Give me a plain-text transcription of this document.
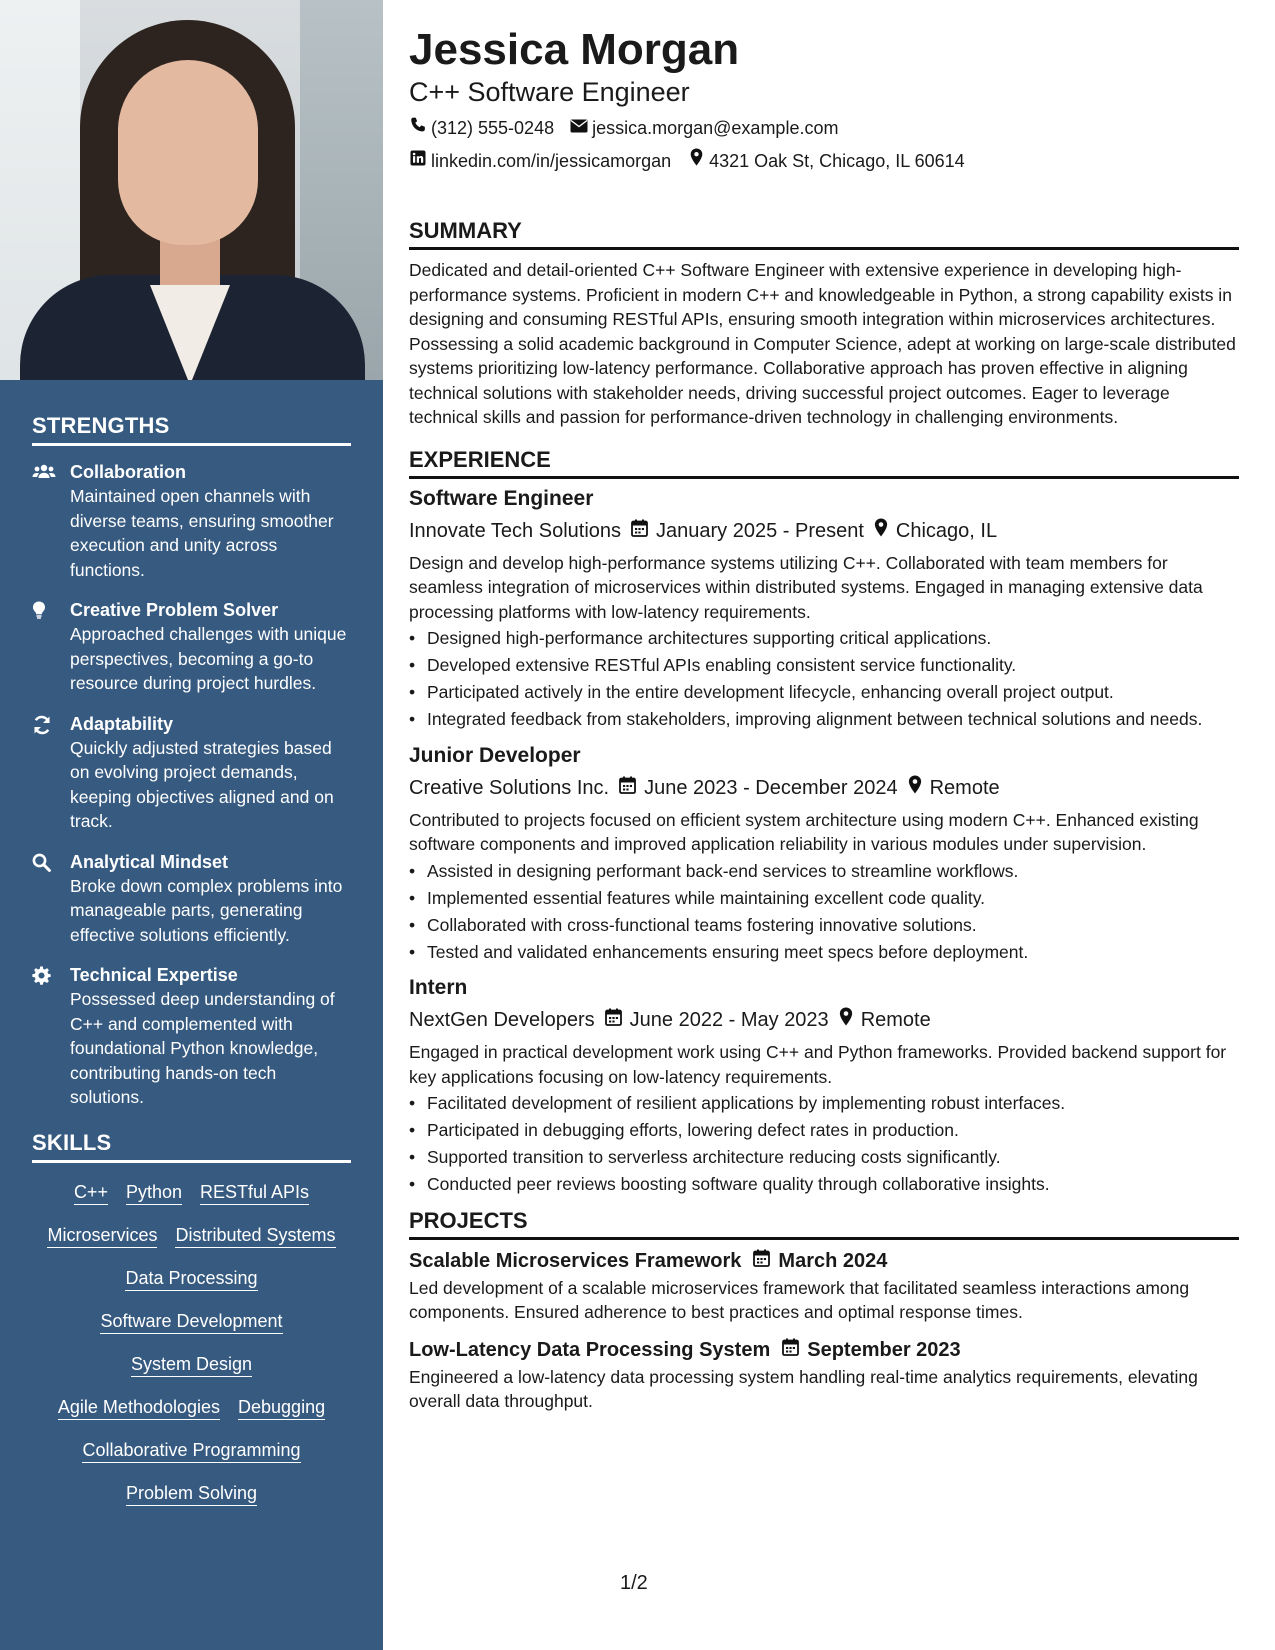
STRENGTHS
Collaboration
Maintained open channels with diverse teams, ensuring smoother execution and unity across functions.
Creative Problem Solver
Approached challenges with unique perspectives, becoming a go-to resource during project hurdles.
Adaptability
Quickly adjusted strategies based on evolving project demands, keeping objectives aligned and on track.
Analytical Mindset
Broke down complex problems into manageable parts, generating effective solutions efficiently.
Technical Expertise
Possessed deep understanding of C++ and complemented with foundational Python knowledge, contributing hands-on tech solutions.
SKILLS
C++ Python RESTful APIs
Microservices Distributed Systems
Data Processing
Software Development
System Design
Agile Methodologies Debugging
Collaborative Programming
Problem Solving
Jessica Morgan
C++ Software Engineer
(312) 555-0248 jessica.morgan@example.com
linkedin.com/in/jessicamorgan 4321 Oak St, Chicago, IL 60614
SUMMARY
Dedicated and detail-oriented C++ Software Engineer with extensive experience in developing high-performance systems. Proficient in modern C++ and knowledgeable in Python, a strong capability exists in designing and consuming RESTful APIs, ensuring smooth integration within microservices architectures. Possessing a solid academic background in Computer Science, adept at working on large-scale distributed systems prioritizing low-latency performance. Collaborative approach has proven effective in aligning technical solutions with stakeholder needs, driving successful project outcomes. Eager to leverage technical skills and passion for performance-driven technology in challenging environments.
EXPERIENCE
Software Engineer
Innovate Tech Solutions January 2025 - Present Chicago, IL
Design and develop high-performance systems utilizing C++. Collaborated with team members for seamless integration of microservices within distributed systems. Engaged in managing extensive data processing platforms with low-latency requirements.
• Designed high-performance architectures supporting critical applications.
• Developed extensive RESTful APIs enabling consistent service functionality.
• Participated actively in the entire development lifecycle, enhancing overall project output.
• Integrated feedback from stakeholders, improving alignment between technical solutions and needs.
Junior Developer
Creative Solutions Inc. June 2023 - December 2024 Remote
Contributed to projects focused on efficient system architecture using modern C++. Enhanced existing software components and improved application reliability in various modules under supervision.
• Assisted in designing performant back-end services to streamline workflows.
• Implemented essential features while maintaining excellent code quality.
• Collaborated with cross-functional teams fostering innovative solutions.
• Tested and validated enhancements ensuring meet specs before deployment.
Intern
NextGen Developers June 2022 - May 2023 Remote
Engaged in practical development work using C++ and Python frameworks. Provided backend support for key applications focusing on low-latency requirements.
• Facilitated development of resilient applications by implementing robust interfaces.
• Participated in debugging efforts, lowering defect rates in production.
• Supported transition to serverless architecture reducing costs significantly.
• Conducted peer reviews boosting software quality through collaborative insights.
PROJECTS
Scalable Microservices Framework March 2024
Led development of a scalable microservices framework that facilitated seamless interactions among components. Ensured adherence to best practices and optimal response times.
Low-Latency Data Processing System September 2023
Engineered a low-latency data processing system handling real-time analytics requirements, elevating overall data throughput.
1/2
